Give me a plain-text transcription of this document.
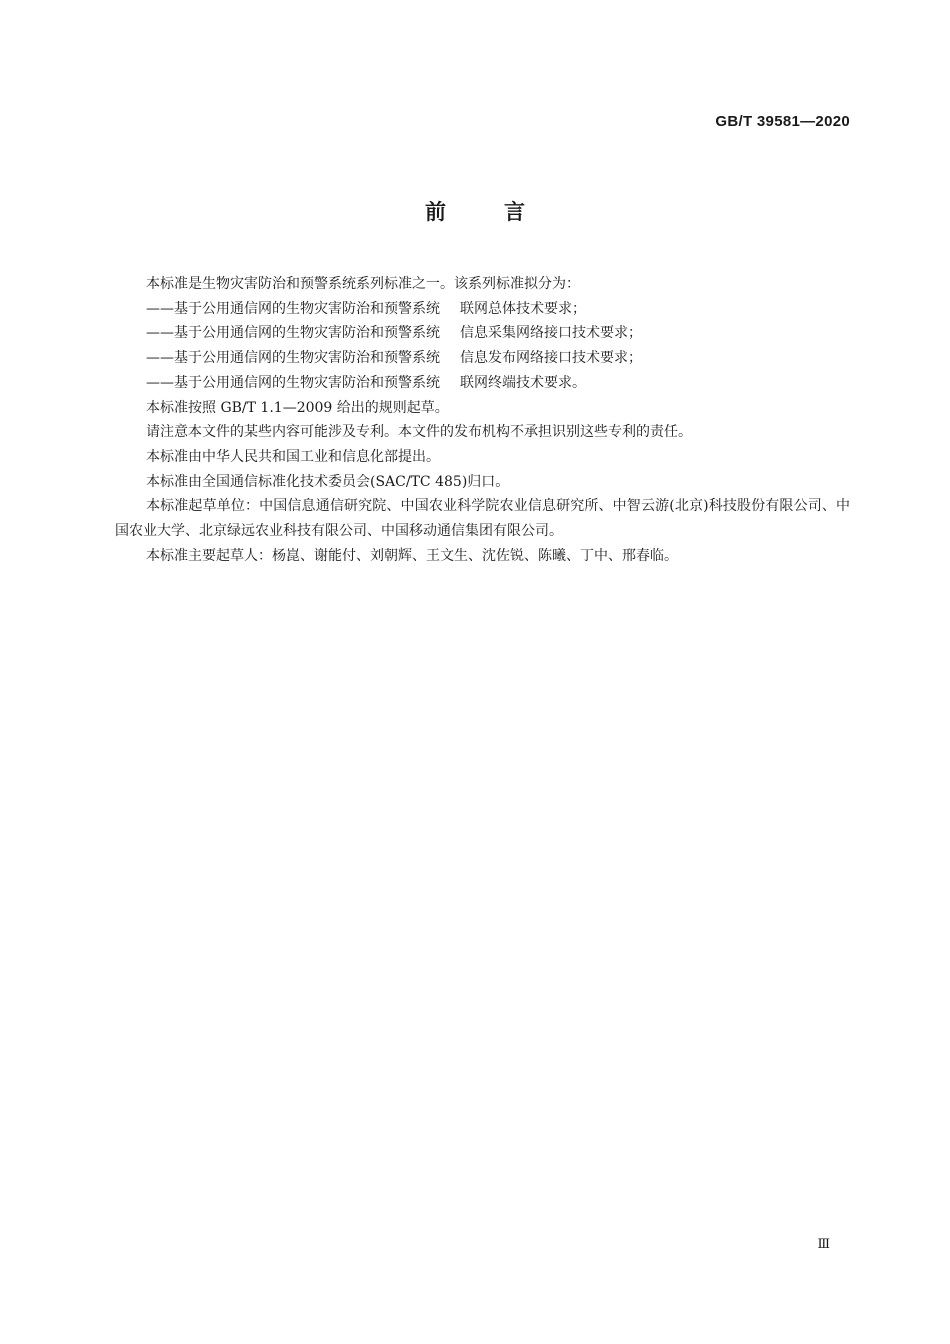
GB/T 39581—2020
前言

本标准是生物灾害防治和预警系统系列标准之一。该系列标准拟分为：

——基于公用通信网的生物灾害防治和预警系统 联网总体技术要求；

——基于公用通信网的生物灾害防治和预警系统 信息采集网络接口技术要求；

——基于公用通信网的生物灾害防治和预警系统 信息发布网络接口技术要求；

——基于公用通信网的生物灾害防治和预警系统 联网终端技术要求。

本标准按照 GB/T 1.1—2009 给出的规则起草。

请注意本文件的某些内容可能涉及专利。本文件的发布机构不承担识别这些专利的责任。

本标准由中华人民共和国工业和信息化部提出。

本标准由全国通信标准化技术委员会(SAC/TC 485)归口。

本标准起草单位：中国信息通信研究院、中国农业科学院农业信息研究所、中智云游(北京)科技股份有限公司、中国农业大学、北京绿远农业科技有限公司、中国移动通信集团有限公司。

本标准主要起草人：杨崑、谢能付、刘朝辉、王文生、沈佐锐、陈曦、丁中、邢春临。

Ⅲ
